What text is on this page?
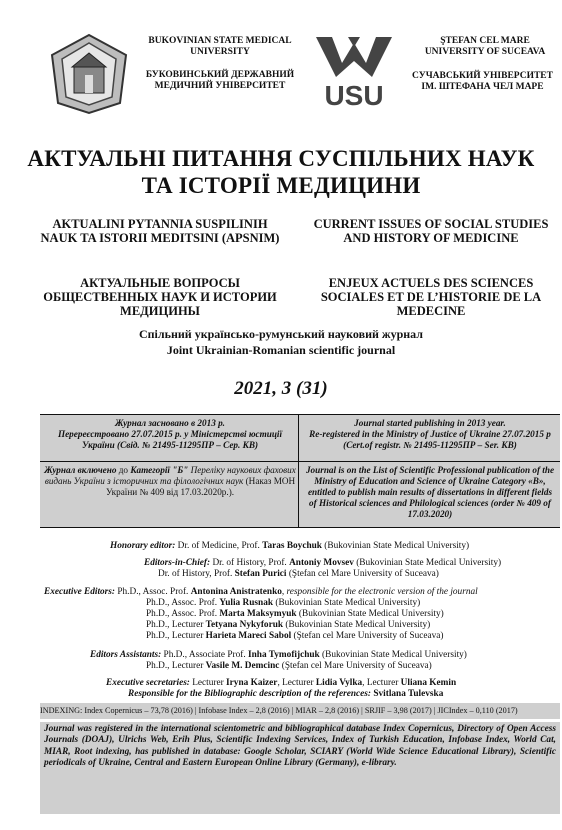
BUKOVINIAN STATE MEDICAL UNIVERSITY
БУКОВИНСЬКИЙ ДЕРЖАВНИЙ МЕДИЧНИЙ УНІВЕРСИТЕТ	USU
ŞTEFAN CEL MARE UNIVERSITY OF SUCEAVA
СУЧАВСЬКИЙ УНІВЕРСИТЕТ ІМ. ШТЕФАНА ЧЕЛ МАРЕ
АКТУАЛЬНІ ПИТАННЯ СУСПІЛЬНИХ НАУК ТА ІСТОРІЇ МЕДИЦИНИ
AKTUALINI PYTANNIA SUSPILINIH NAUK TA ISTORII MEDITSINI (APSNIM)
CURRENT ISSUES OF SOCIAL STUDIES AND HISTORY OF MEDICINE
АКТУАЛЬНЫЕ ВОПРОСЫ ОБЩЕСТВЕННЫХ НАУК И ИСТОРИИ МЕДИЦИНЫ
ENJEUX ACTUELS DES SCIENCES SOCIALES ET DE L’HISTORIE DE LA MEDECINE
Спільний українсько-румунський науковий журнал
Joint Ukrainian-Romanian scientific journal
2021, 3 (31)
Журнал засновано в 2013 р.
Перереєстровано 27.07.2015 р. у Міністерстві юстиції України (Свід. № 21495-11295ПР – Сер. КВ)
Journal started publishing in 2013 year.
Re-registered in the Ministry of Justice of Ukraine 27.07.2015 p (Cert.of registr. № 21495-11295ПР – Ser. КВ)
Журнал включено до Категорії "Б" Переліку наукових фахових видань України з історичних та філологічних наук (Наказ МОН України № 409 від 17.03.2020р.).
Journal is on the List of Scientific Professional publication of the Ministry of Education and Science of Ukraine Category «B», entitled to publish main results of dissertations in different fields of Historical sciences and Philological sciences (order № 409 of 17.03.2020)
Honorary editor: Dr. of Medicine, Prof. Taras Boychuk (Bukovinian State Medical University)
Editors-in-Chief: Dr. of History, Prof. Antoniy Movsev (Bukovinian State Medical University)
Dr. of History, Prof. Stefan Purici (Ştefan cel Mare University of Suceava)
Executive Editors: Ph.D., Assoc. Prof. Antonina Anistratenko, responsible for the electronic version of the journal
Ph.D., Assoc. Prof. Yulia Rusnak (Bukovinian State Medical University)
Ph.D., Assoc. Prof. Marta Maksymyuk (Bukovinian State Medical University)
Ph.D., Lecturer Tetyana Nykyforuk (Bukovinian State Medical University)
Ph.D., Lecturer Harieta Mareci Sabol (Ştefan cel Mare University of Suceava)
Editors Assistants: Ph.D., Associate Prof. Inha Tymofijchuk (Bukovinian State Medical University)
Ph.D., Lecturer Vasile M. Demcinc (Ştefan cel Mare University of Suceava)
Executive secretaries: Lecturer Iryna Kaizer, Lecturer Lidia Vylka, Lecturer Uliana Kemin
INDEXING: Index Copernicus – 73,78 (2016) | Infobase Index – 2,8 (2016) | MIAR – 2,8 (2016) | SRJIF – 3,98 (2017) | JICIndex – 0,110 (2017)
Journal was registered in the international scientometric and bibliographical database Index Copernicus, Directory of Open Access Journals (DOAJ), Ulrichs Web, Erih Plus, Scientific Indexing Services, Index of Turkish Education, Infobase Index, World Cat, MIAR, Root indexing, has published in database: Google Scholar, SCIARY (World Wide Science Educational Library), Scientific periodicals of Ukraine, Central and Eastern European Online Library (Germany), e-library.
Responsible for the Bibliographic description of the references: Svitlana Tulevska
